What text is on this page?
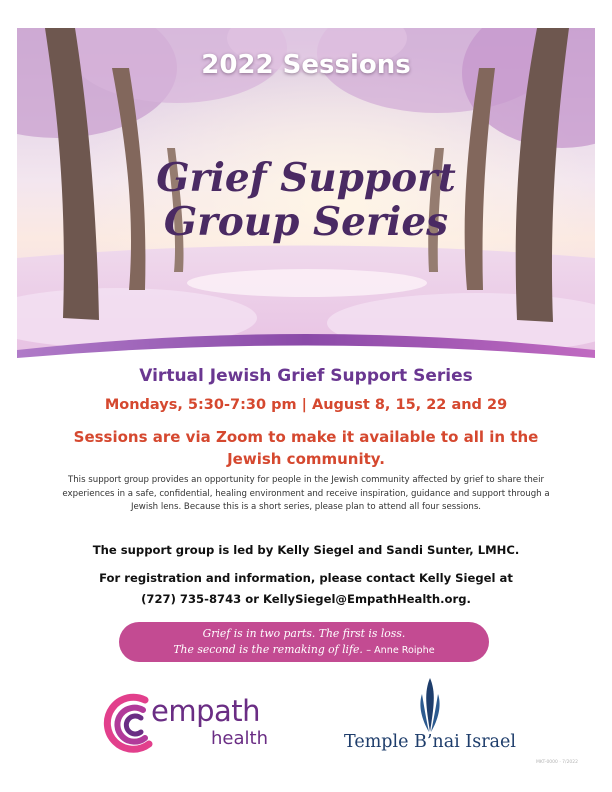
2022 Sessions
Grief Support
Group Series
Virtual Jewish Grief Support Series
Mondays, 5:30-7:30 pm | August 8, 15, 22 and 29
Sessions are via Zoom to make it available to all in the Jewish community.
This support group provides an opportunity for people in the Jewish community affected by grief to share their experiences in a safe, confidential, healing environment and receive inspiration, guidance and support through a Jewish lens. Because this is a short series, please plan to attend all four sessions.
The support group is led by Kelly Siegel and Sandi Sunter, LMHC.
For registration and information, please contact Kelly Siegel at
(727) 735-8743 or KellySiegel@EmpathHealth.org.
Grief is in two parts. The first is loss.
The second is the remaking of life. – Anne Roiphe
empath
health	Temple B’nai Israel
MKT-0000 · 7/2022
